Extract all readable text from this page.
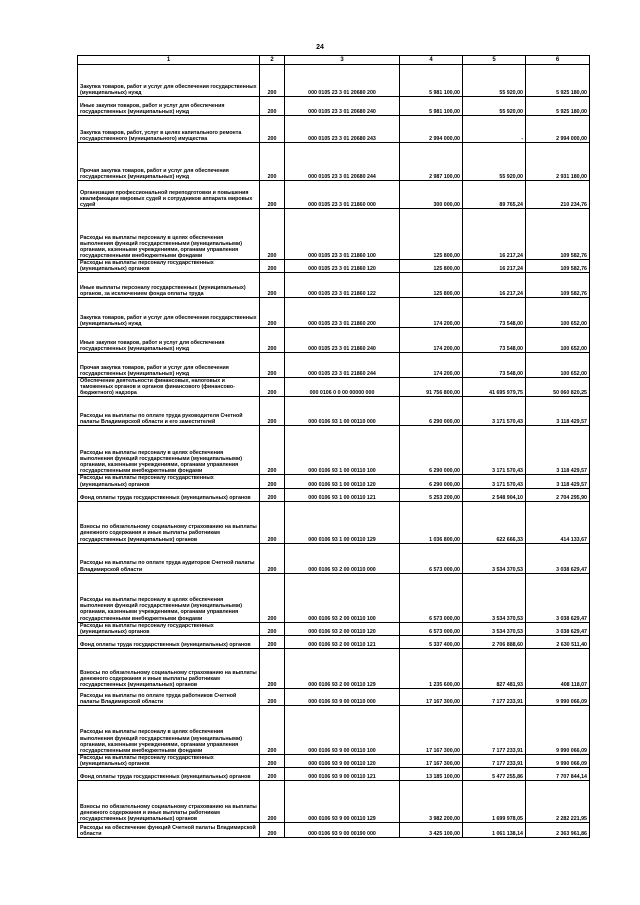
24
1	2	3	4	5	6
Закупка товаров, работ и услуг для обеспечения государственных (муниципальных) нужд	200	000 0105 23 3 01 20680 200	5 981 100,00	55 920,00	5 925 180,00
Иные закупки товаров, работ и услуг для обеспечения государственных (муниципальных) нужд	200	000 0105 23 3 01 20680 240	5 981 100,00	55 920,00	5 925 180,00
Закупка товаров, работ, услуг в целях капитального ремонта государственного (муниципального) имущества	200	000 0105 23 3 01 20680 243	2 994 000,00	-	2 994 000,00
Прочая закупка товаров, работ и услуг для обеспечения государственных (муниципальных) нужд	200	000 0105 23 3 01 20680 244	2 987 100,00	55 920,00	2 931 180,00
Организация профессиональной переподготовки и повышения квалификации мировых судей и сотрудников аппарата мировых судей	200	000 0105 23 3 01 21860 000	300 000,00	89 765,24	210 234,76
Расходы на выплаты персоналу в целях обеспечения выполнения функций государственными (муниципальными) органами, казенными учреждениями, органами управления государственными внебюджетными фондами	200	000 0105 23 3 01 21860 100	125 800,00	16 217,24	109 582,76
Расходы на выплаты персоналу государственных (муниципальных) органов	200	000 0105 23 3 01 21860 120	125 800,00	16 217,24	109 582,76
Иные выплаты персоналу государственных (муниципальных) органов, за исключением фонда оплаты труда	200	000 0105 23 3 01 21860 122	125 800,00	16 217,24	109 582,76
Закупка товаров, работ и услуг для обеспечения государственных (муниципальных) нужд	200	000 0105 23 3 01 21860 200	174 200,00	73 548,00	100 652,00
Иные закупки товаров, работ и услуг для обеспечения государственных (муниципальных) нужд	200	000 0105 23 3 01 21860 240	174 200,00	73 548,00	100 652,00
Прочая закупка товаров, работ и услуг для обеспечения государственных (муниципальных) нужд	200	000 0105 23 3 01 21860 244	174 200,00	73 548,00	100 652,00
Обеспечение деятельности финансовых, налоговых и таможенных органов и органов финансового (финансово-бюджетного) надзора	200	000 0106 0 0 00 00000 000	91 756 800,00	41 695 979,75	50 060 820,25
Расходы на выплаты по оплате труда руководителя Счетной палаты Владимирской области и его заместителей	200	000 0106 93 1 00 00110 000	6 290 000,00	3 171 570,43	3 118 429,57
Расходы на выплаты персоналу в целях обеспечения выполнения функций государственными (муниципальными) органами, казенными учреждениями, органами управления государственными внебюджетными фондами	200	000 0106 93 1 00 00110 100	6 290 000,00	3 171 570,43	3 118 429,57
Расходы на выплаты персоналу государственных (муниципальных) органов	200	000 0106 93 1 00 00110 120	6 290 000,00	3 171 570,43	3 118 429,57
Фонд оплаты труда государственных (муниципальных) органов	200	000 0106 93 1 00 00110 121	5 253 200,00	2 548 904,10	2 704 295,90
Взносы по обязательному социальному страхованию на выплаты денежного содержания и иные выплаты работникам государственных (муниципальных) органов	200	000 0106 93 1 00 00110 129	1 036 800,00	622 666,33	414 133,67
Расходы на выплаты по оплате труда аудиторов Счетной палаты Владимирской области	200	000 0106 93 2 00 00110 000	6 573 000,00	3 534 370,53	3 038 629,47
Расходы на выплаты персоналу в целях обеспечения выполнения функций государственными (муниципальными) органами, казенными учреждениями, органами управления государственными внебюджетными фондами	200	000 0106 93 2 00 00110 100	6 573 000,00	3 534 370,53	3 038 629,47
Расходы на выплаты персоналу государственных (муниципальных) органов	200	000 0106 93 2 00 00110 120	6 573 000,00	3 534 370,53	3 038 629,47
Фонд оплаты труда государственных (муниципальных) органов	200	000 0106 93 2 00 00110 121	5 337 400,00	2 706 888,60	2 630 511,40
Взносы по обязательному социальному страхованию на выплаты денежного содержания и иные выплаты работникам государственных (муниципальных) органов	200	000 0106 93 2 00 00110 129	1 235 600,00	827 481,93	408 118,07
Расходы на выплаты по оплате труда работников Счетной палаты Владимирской области	200	000 0106 93 9 00 00110 000	17 167 300,00	7 177 233,91	9 990 066,09
Расходы на выплаты персоналу в целях обеспечения выполнения функций государственными (муниципальными) органами, казенными учреждениями, органами управления государственными внебюджетными фондами	200	000 0106 93 9 00 00110 100	17 167 300,00	7 177 233,91	9 990 066,09
Расходы на выплаты персоналу государственных (муниципальных) органов	200	000 0106 93 9 00 00110 120	17 167 300,00	7 177 233,91	9 990 066,09
Фонд оплаты труда государственных (муниципальных) органов	200	000 0106 93 9 00 00110 121	13 185 100,00	5 477 255,86	7 707 844,14
Взносы по обязательному социальному страхованию на выплаты денежного содержания и иные выплаты работникам государственных (муниципальных) органов	200	000 0106 93 9 00 00110 129	3 982 200,00	1 699 978,05	2 282 221,95
Расходы на обеспечение функций Счетной палаты Владимирской области	200	000 0106 93 9 00 00190 000	3 425 100,00	1 061 138,14	2 363 961,86
